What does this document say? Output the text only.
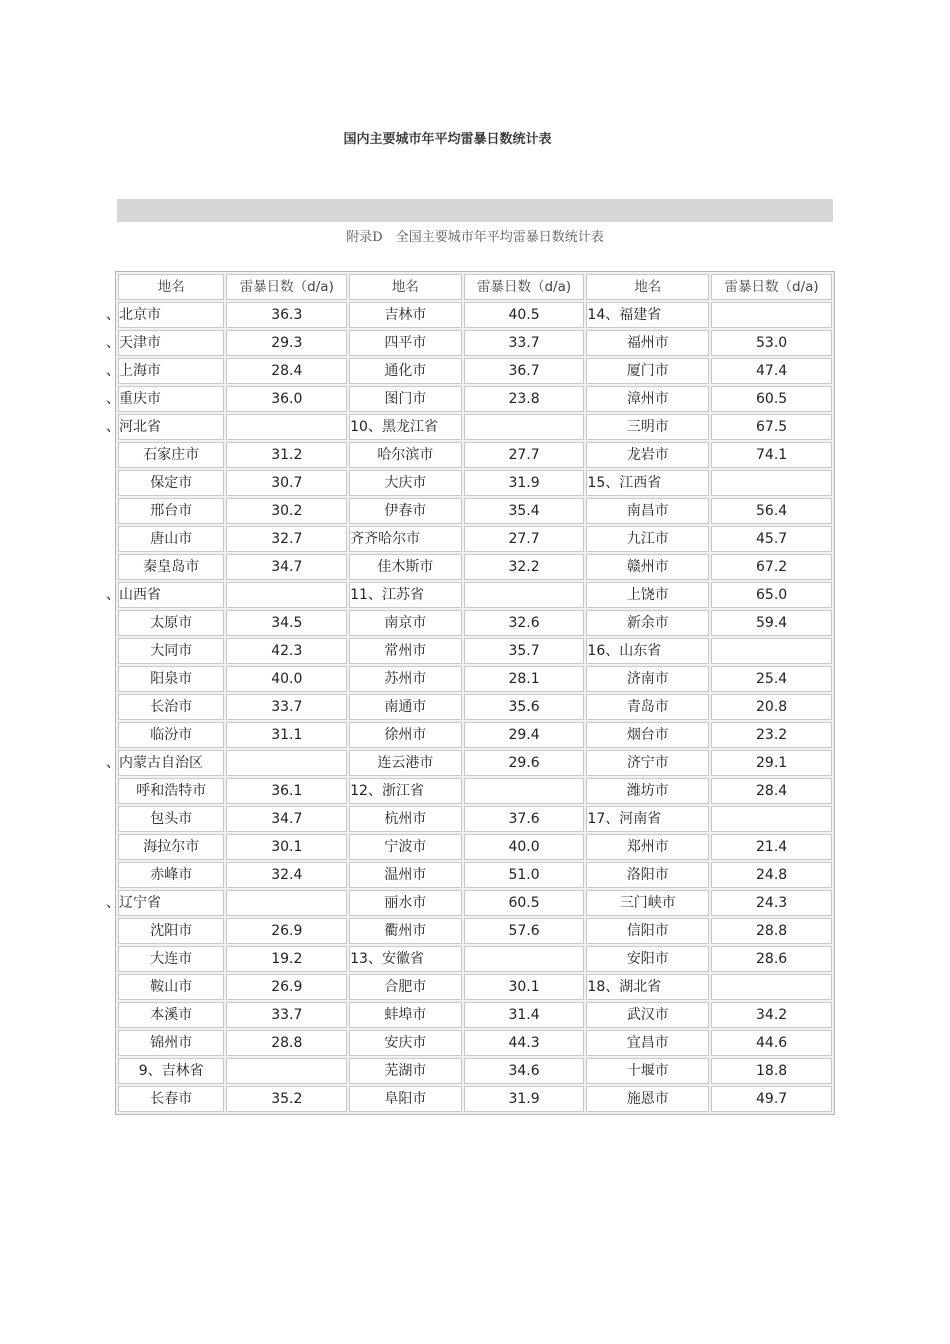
国内主要城市年平均雷暴日数统计表
附录D　全国主要城市年平均雷暴日数统计表
地名	雷暴日数（d/a)	地名	雷暴日数（d/a)	地名	雷暴日数（d/a)

、 北京市	36.3	吉林市	40.5	14、福建省	

、 天津市	29.3	四平市	33.7	福州市	53.0

、 上海市	28.4	通化市	36.7	厦门市	47.4

、 重庆市	36.0	图门市	23.8	漳州市	60.5

、 河北省		10、黑龙江省		三明市	67.5
石家庄市	31.2	哈尔滨市	27.7	龙岩市	74.1
保定市	30.7	大庆市	31.9	15、江西省	
邢台市	30.2	伊春市	35.4	南昌市	56.4
唐山市	32.7	齐齐哈尔市	27.7	九江市	45.7
秦皇岛市	34.7	佳木斯市	32.2	赣州市	67.2

、 山西省		11、江苏省		上饶市	65.0
太原市	34.5	南京市	32.6	新余市	59.4
大同市	42.3	常州市	35.7	16、山东省	
阳泉市	40.0	苏州市	28.1	济南市	25.4
长治市	33.7	南通市	35.6	青岛市	20.8
临汾市	31.1	徐州市	29.4	烟台市	23.2

、 内蒙古自治区		连云港市	29.6	济宁市	29.1
呼和浩特市	36.1	12、浙江省		潍坊市	28.4
包头市	34.7	杭州市	37.6	17、河南省	
海拉尔市	30.1	宁波市	40.0	郑州市	21.4
赤峰市	32.4	温州市	51.0	洛阳市	24.8

、 辽宁省		丽水市	60.5	三门峡市	24.3
沈阳市	26.9	衢州市	57.6	信阳市	28.8
大连市	19.2	13、安徽省		安阳市	28.6
鞍山市	26.9	合肥市	30.1	18、湖北省	
本溪市	33.7	蚌埠市	31.4	武汉市	34.2
锦州市	28.8	安庆市	44.3	宜昌市	44.6
9、吉林省		芜湖市	34.6	十堰市	18.8
长春市	35.2	阜阳市	31.9	施恩市	49.7
